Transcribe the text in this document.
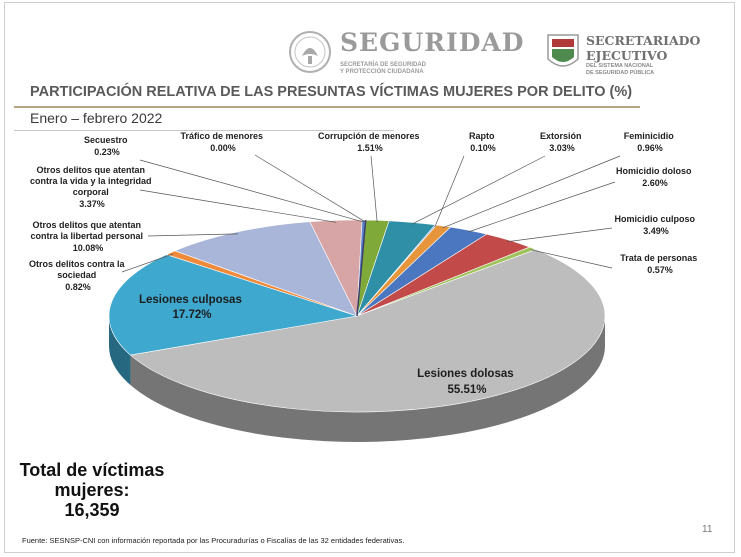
SEGURIDAD
SECRETARÍA DE SEGURIDAD
Y PROTECCIÓN CIUDADANA
SECRETARIADO
EJECUTIVO
DEL SISTEMA NACIONAL
DE SEGURIDAD PÚBLICA
PARTICIPACIÓN RELATIVA DE LAS PRESUNTAS VÍCTIMAS MUJERES POR DELITO (%)
Enero – febrero 2022
Secuestro 0.23%
Tráfico de menores 0.00%
Corrupción de menores 1.51%
Rapto 0.10%
Extorsión 3.03%
Feminicidio 0.96%
Homicidio doloso 2.60%
Homicidio culposo 3.49%
Trata de personas 0.57%
Otros delitos que atentan contra la vida y la integridad corporal 3.37%
Otros delitos que atentan contra la libertad personal 10.08%
Otros delitos contra la sociedad 0.82%
Lesiones culposas 17.72%
Lesiones dolosas 55.51%
Total de víctimas mujeres:
16,359
Fuente: SESNSP-CNI con información reportada por las Procuradurías o Fiscalías de las 32 entidades federativas.
11
